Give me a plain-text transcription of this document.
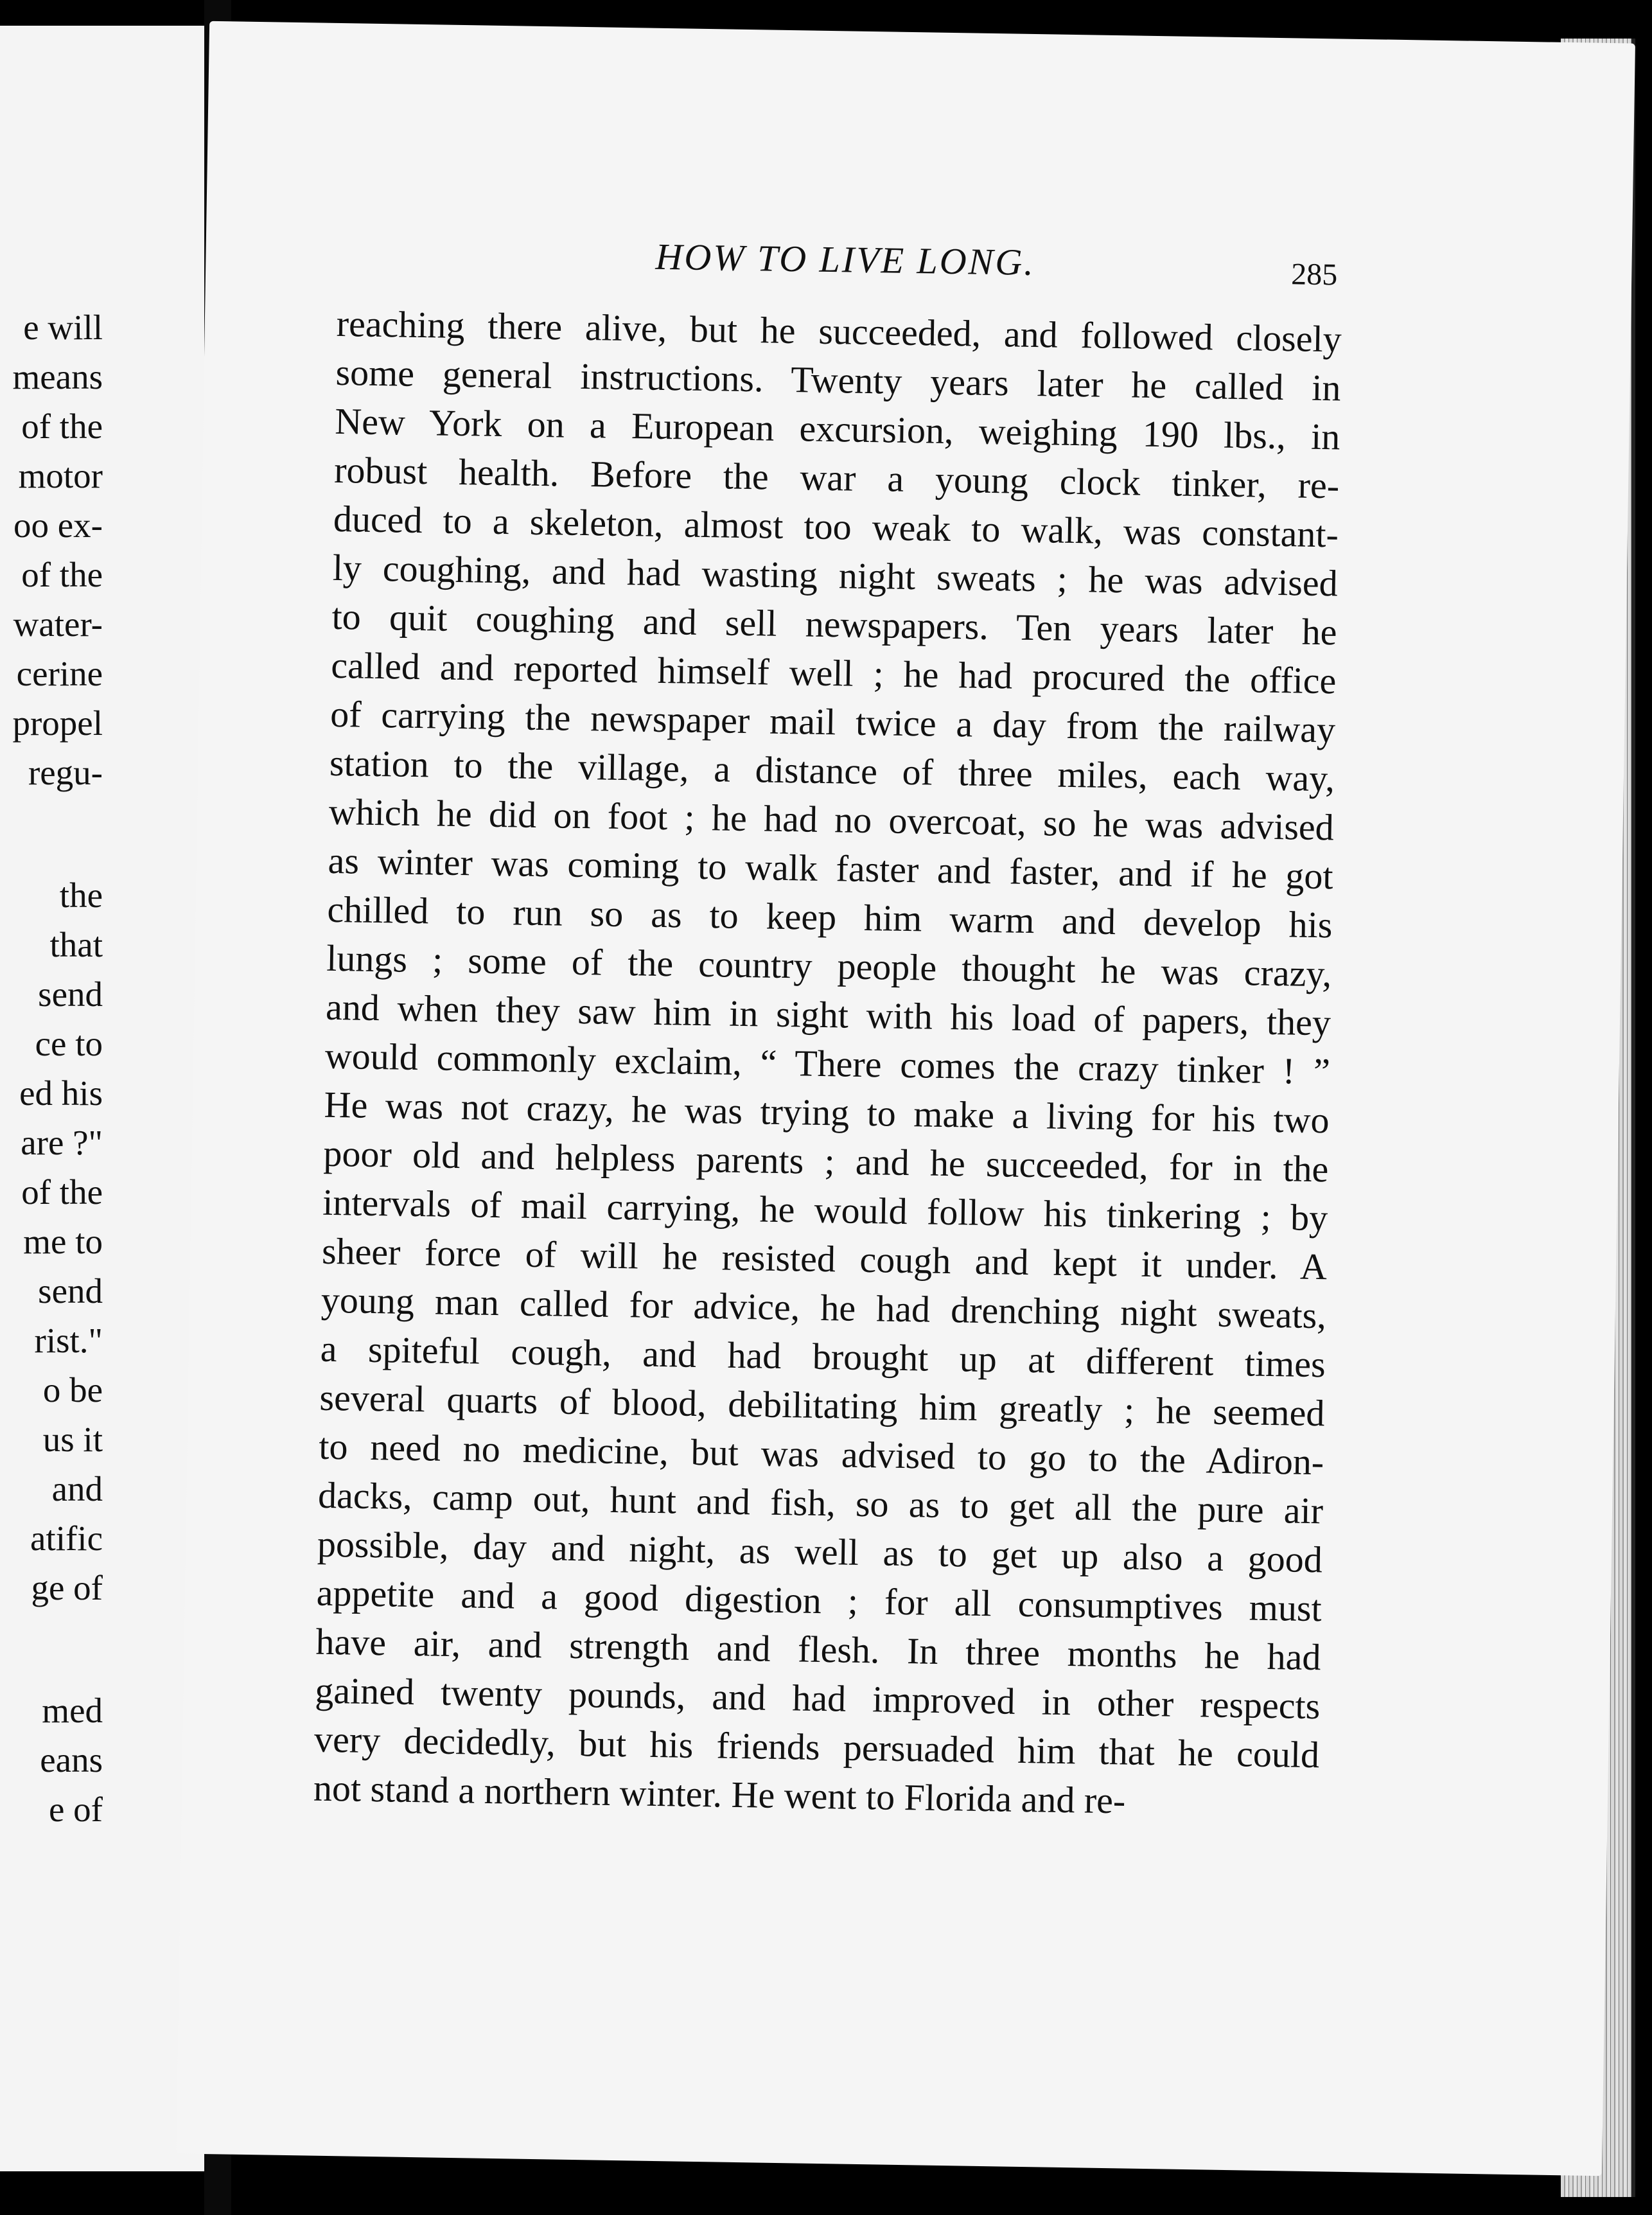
e will
means
of the
motor
oo ex-
of the
water-
cerine
propel
regu-
the
that
send
ce to
ed his
are ?"
of the
me to
send
rist."
o be
us it
and
atific
ge of
med
eans
e of
HOW TO LIVE LONG.	285
reaching there alive, but he succeeded, and followed closely
some general instructions. Twenty years later he called in
New York on a European excursion, weighing 190 lbs., in
robust health. Before the war a young clock tinker, re-
duced to a skeleton, almost too weak to walk, was constant-
ly coughing, and had wasting night sweats ; he was advised
to quit coughing and sell newspapers. Ten years later he
called and reported himself well ; he had procured the office
of carrying the newspaper mail twice a day from the railway
station to the village, a distance of three miles, each way,
which he did on foot ; he had no overcoat, so he was advised
as winter was coming to walk faster and faster, and if he got
chilled to run so as to keep him warm and develop his
lungs ; some of the country people thought he was crazy,
and when they saw him in sight with his load of papers, they
would commonly exclaim, “ There comes the crazy tinker ! ”
He was not crazy, he was trying to make a living for his two
poor old and helpless parents ; and he succeeded, for in the
intervals of mail carrying, he would follow his tinkering ; by
sheer force of will he resisted cough and kept it under. A
young man called for advice, he had drenching night sweats,
a spiteful cough, and had brought up at different times
several quarts of blood, debilitating him greatly ; he seemed
to need no medicine, but was advised to go to the Adiron-
dacks, camp out, hunt and fish, so as to get all the pure air
possible, day and night, as well as to get up also a good
appetite and a good digestion ; for all consumptives must
have air, and strength and flesh. In three months he had
gained twenty pounds, and had improved in other respects
very decidedly, but his friends persuaded him that he could
not stand a northern winter. He went to Florida and re-
